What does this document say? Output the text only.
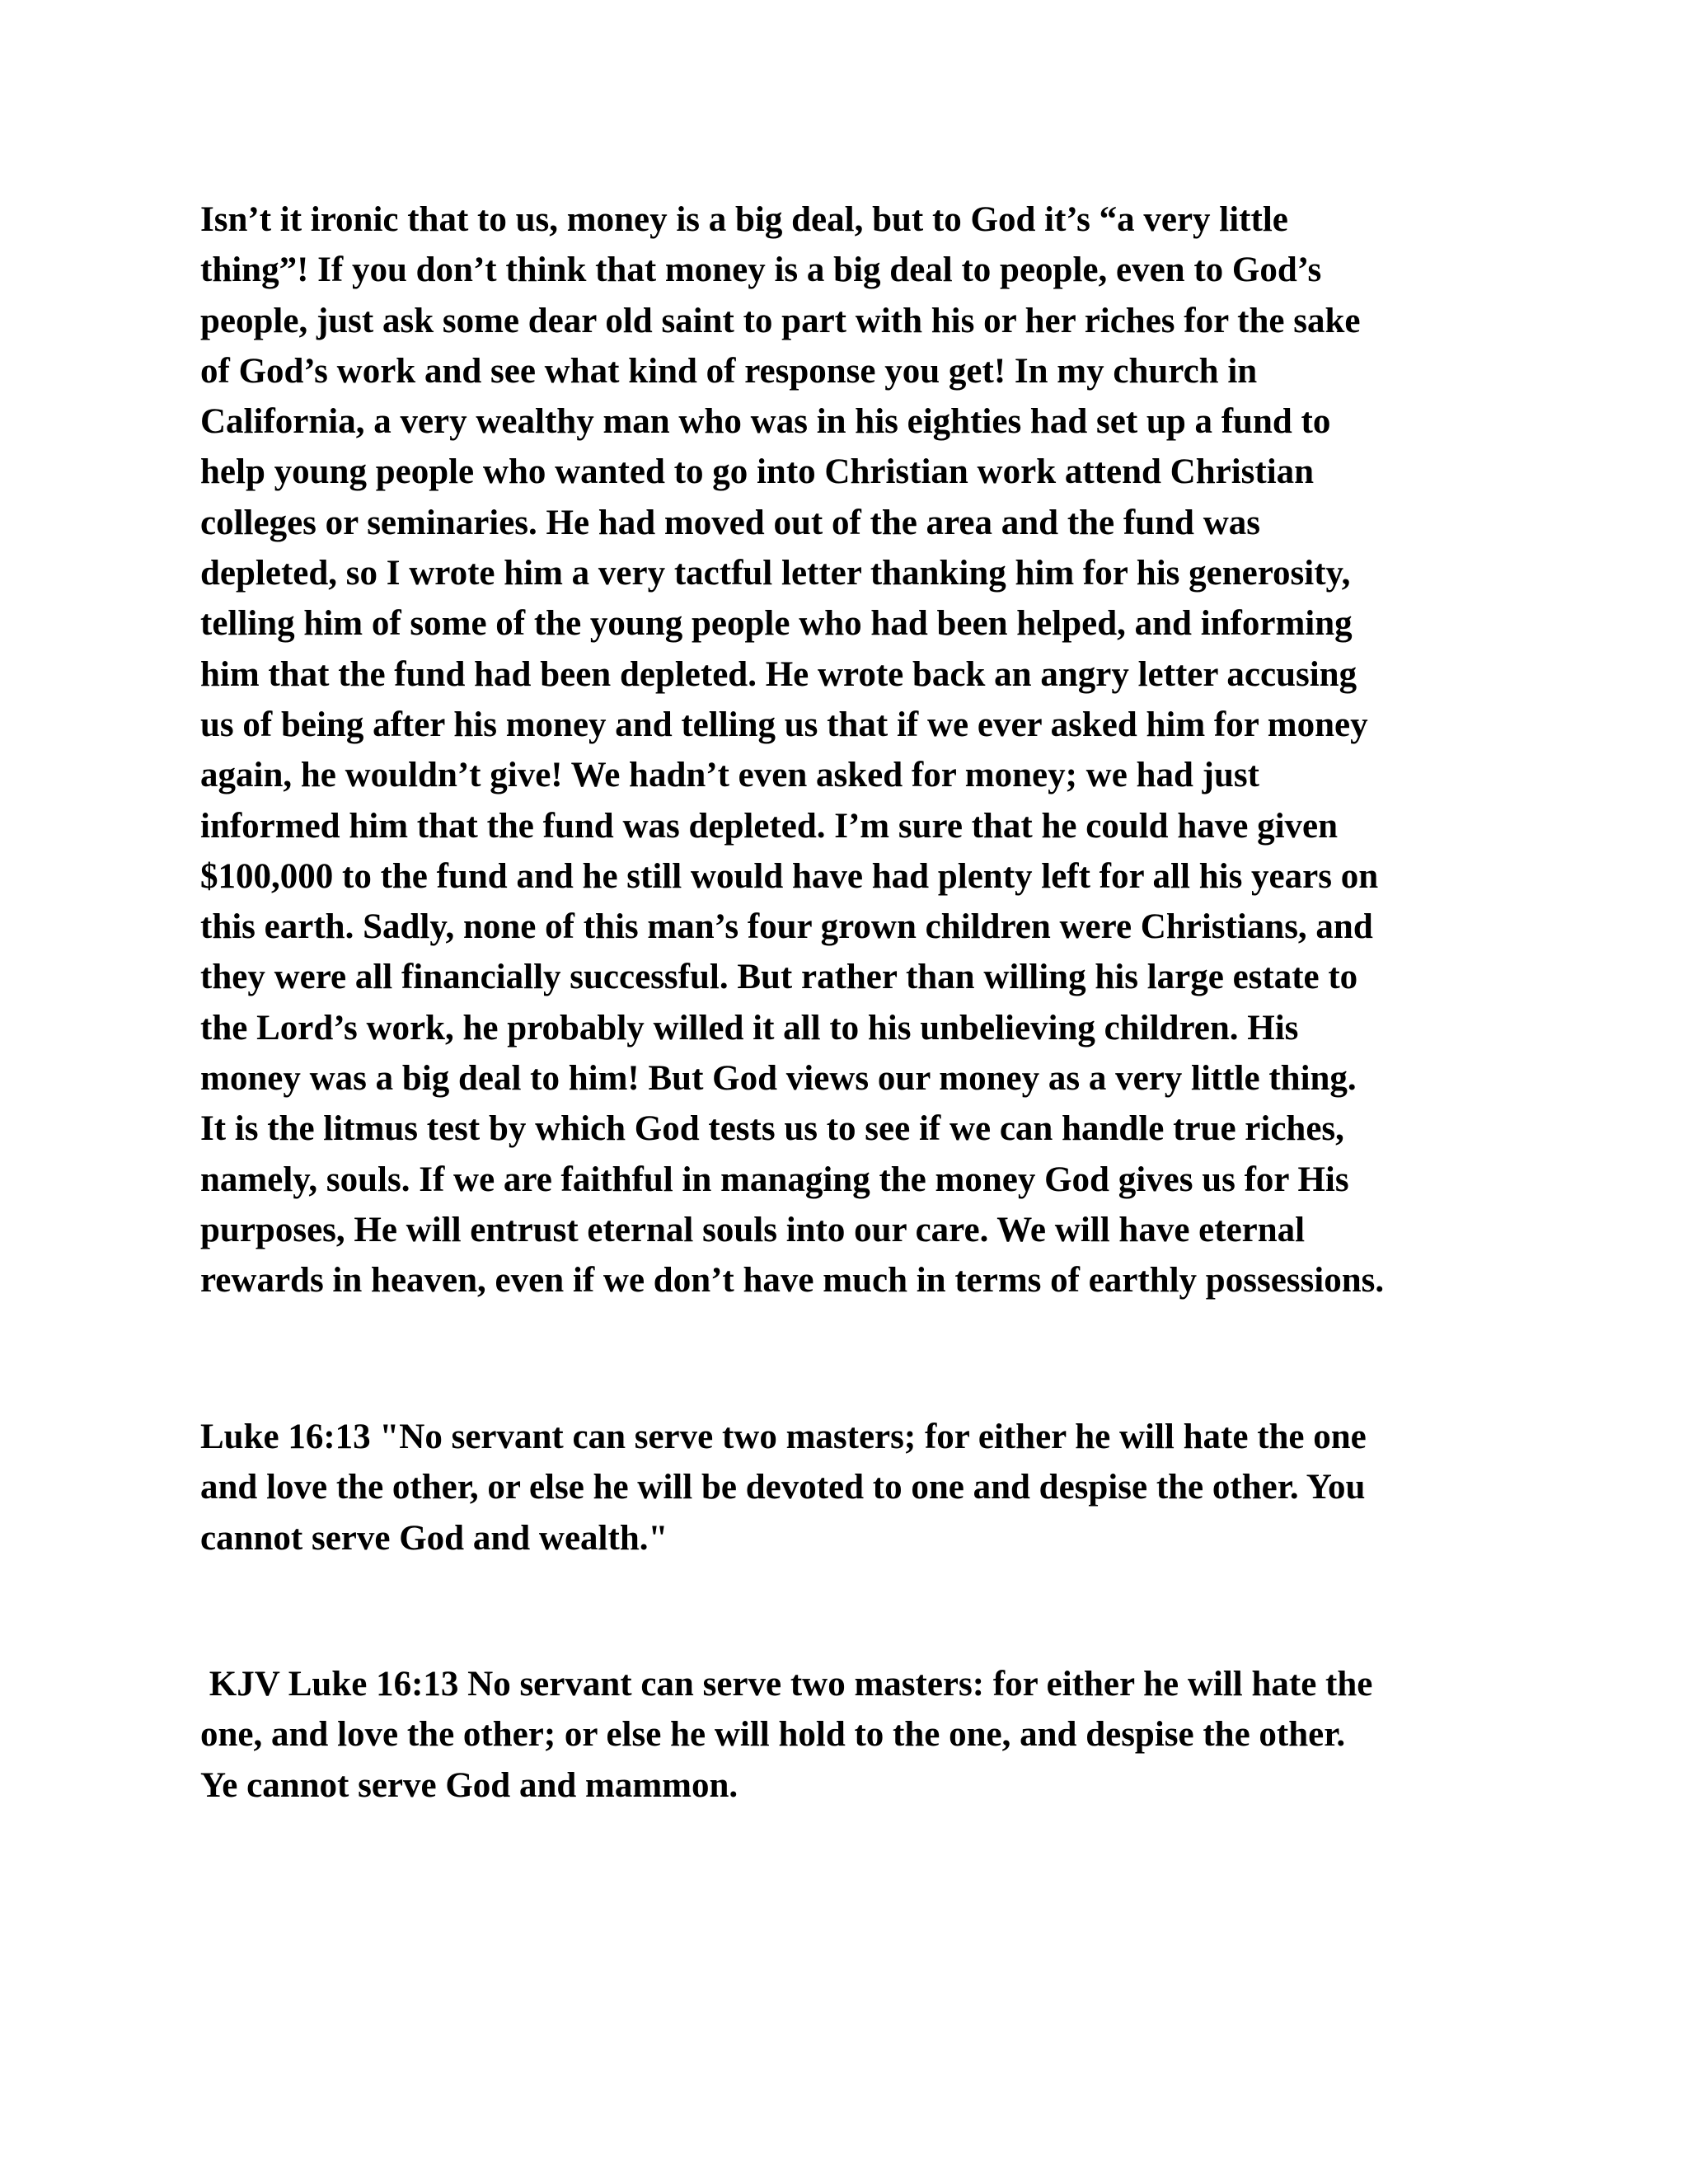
Isn’t it ironic that to us, money is a big deal, but to God it’s “a very little
thing”! If you don’t think that money is a big deal to people, even to God’s
people, just ask some dear old saint to part with his or her riches for the sake
of God’s work and see what kind of response you get! In my church in
California, a very wealthy man who was in his eighties had set up a fund to
help young people who wanted to go into Christian work attend Christian
colleges or seminaries. He had moved out of the area and the fund was
depleted, so I wrote him a very tactful letter thanking him for his generosity,
telling him of some of the young people who had been helped, and informing
him that the fund had been depleted. He wrote back an angry letter accusing
us of being after his money and telling us that if we ever asked him for money
again, he wouldn’t give! We hadn’t even asked for money; we had just
informed him that the fund was depleted. I’m sure that he could have given
$100,000 to the fund and he still would have had plenty left for all his years on
this earth. Sadly, none of this man’s four grown children were Christians, and
they were all financially successful. But rather than willing his large estate to
the Lord’s work, he probably willed it all to his unbelieving children. His
money was a big deal to him! But God views our money as a very little thing.
It is the litmus test by which God tests us to see if we can handle true riches,
namely, souls. If we are faithful in managing the money God gives us for His
purposes, He will entrust eternal souls into our care. We will have eternal
rewards in heaven, even if we don’t have much in terms of earthly possessions.
Luke 16:13 "No servant can serve two masters; for either he will hate the one
and love the other, or else he will be devoted to one and despise the other. You
cannot serve God and wealth."
KJV Luke 16:13 No servant can serve two masters: for either he will hate the
one, and love the other; or else he will hold to the one, and despise the other.
Ye cannot serve God and mammon.
